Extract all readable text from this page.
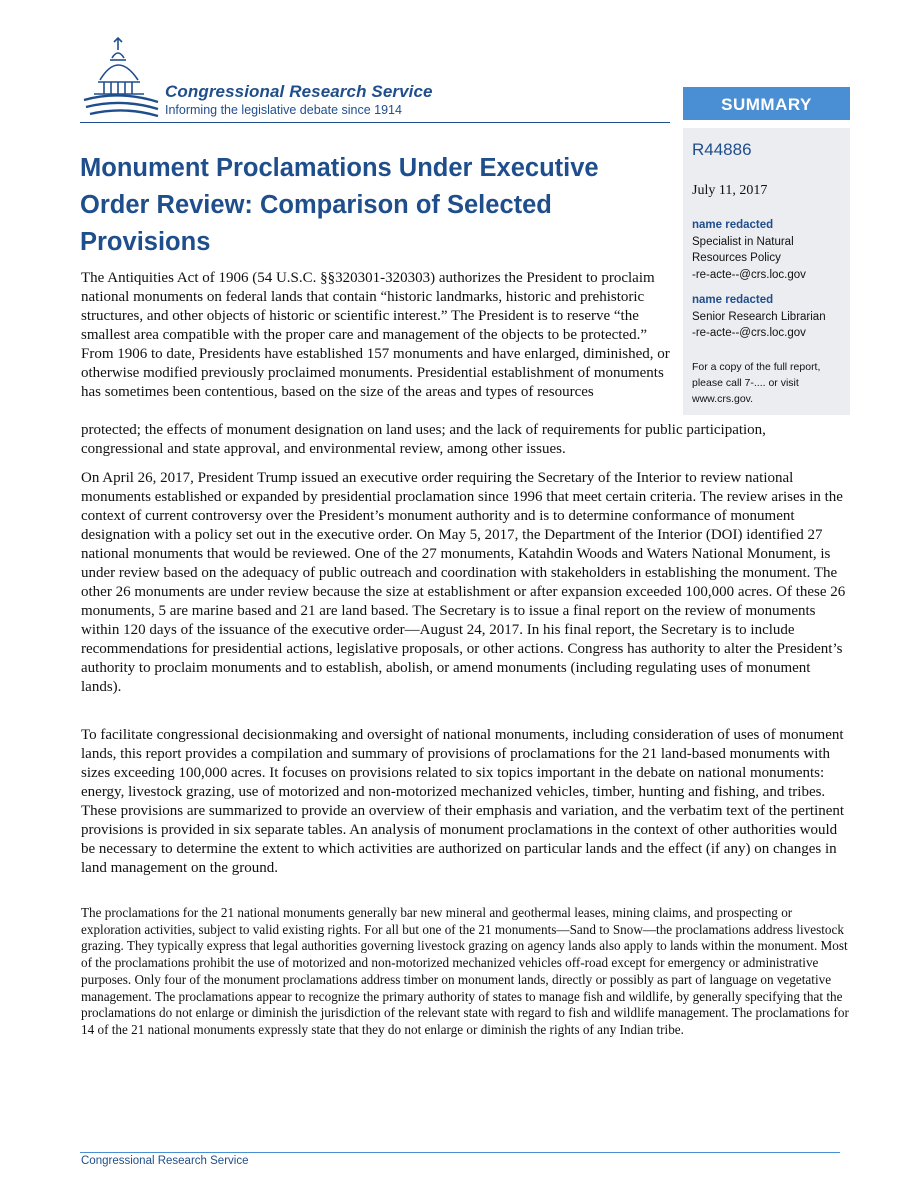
Congressional Research Service
Informing the legislative debate since 1914	SUMMARY
R44886
July 11, 2017
name redacted
Specialist in Natural
Resources Policy
-re-acte--@crs.loc.gov
name redacted
Senior Research Librarian
-re-acte--@crs.loc.gov
For a copy of the full report, please call 7-.... or visit www.crs.gov.
Monument Proclamations Under Executive Order Review: Comparison of Selected Provisions

The Antiquities Act of 1906 (54 U.S.C. §§320301-320303) authorizes the President to proclaim national monuments on federal lands that contain “historic landmarks, historic and prehistoric structures, and other objects of historic or scientific interest.” The President is to reserve “the smallest area compatible with the proper care and management of the objects to be protected.” From 1906 to date, Presidents have established 157 monuments and have enlarged, diminished, or otherwise modified previously proclaimed monuments. Presidential establishment of monuments has sometimes been contentious, based on the size of the areas and types of resources

protected; the effects of monument designation on land uses; and the lack of requirements for public participation, congressional and state approval, and environmental review, among other issues.

On April 26, 2017, President Trump issued an executive order requiring the Secretary of the Interior to review national monuments established or expanded by presidential proclamation since 1996 that meet certain criteria. The review arises in the context of current controversy over the President’s monument authority and is to determine conformance of monument designation with a policy set out in the executive order. On May 5, 2017, the Department of the Interior (DOI) identified 27 national monuments that would be reviewed. One of the 27 monuments, Katahdin Woods and Waters National Monument, is under review based on the adequacy of public outreach and coordination with stakeholders in establishing the monument. The other 26 monuments are under review because the size at establishment or after expansion exceeded 100,000 acres. Of these 26 monuments, 5 are marine based and 21 are land based. The Secretary is to issue a final report on the review of monuments within 120 days of the issuance of the executive order—August 24, 2017. In his final report, the Secretary is to include recommendations for presidential actions, legislative proposals, or other actions. Congress has authority to alter the President’s authority to proclaim monuments and to establish, abolish, or amend monuments (including regulating uses of monument lands).

To facilitate congressional decisionmaking and oversight of national monuments, including consideration of uses of monument lands, this report provides a compilation and summary of provisions of proclamations for the 21 land-based monuments with sizes exceeding 100,000 acres. It focuses on provisions related to six topics important in the debate on national monuments: energy, livestock grazing, use of motorized and non-motorized mechanized vehicles, timber, hunting and fishing, and tribes. These provisions are summarized to provide an overview of their emphasis and variation, and the verbatim text of the pertinent provisions is provided in six separate tables. An analysis of monument proclamations in the context of other authorities would be necessary to determine the extent to which activities are authorized on particular lands and the effect (if any) on changes in land management on the ground.

The proclamations for the 21 national monuments generally bar new mineral and geothermal leases, mining claims, and prospecting or exploration activities, subject to valid existing rights. For all but one of the 21 monuments—Sand to Snow—the proclamations address livestock grazing. They typically express that legal authorities governing livestock grazing on agency lands also apply to lands within the monument. Most of the proclamations prohibit the use of motorized and non-motorized mechanized vehicles off-road except for emergency or administrative purposes. Only four of the monument proclamations address timber on monument lands, directly or possibly as part of language on vegetative management. The proclamations appear to recognize the primary authority of states to manage fish and wildlife, by generally specifying that the proclamations do not enlarge or diminish the jurisdiction of the relevant state with regard to fish and wildlife management. The proclamations for 14 of the 21 national monuments expressly state that they do not enlarge or diminish the rights of any Indian tribe.

Congressional Research Service
